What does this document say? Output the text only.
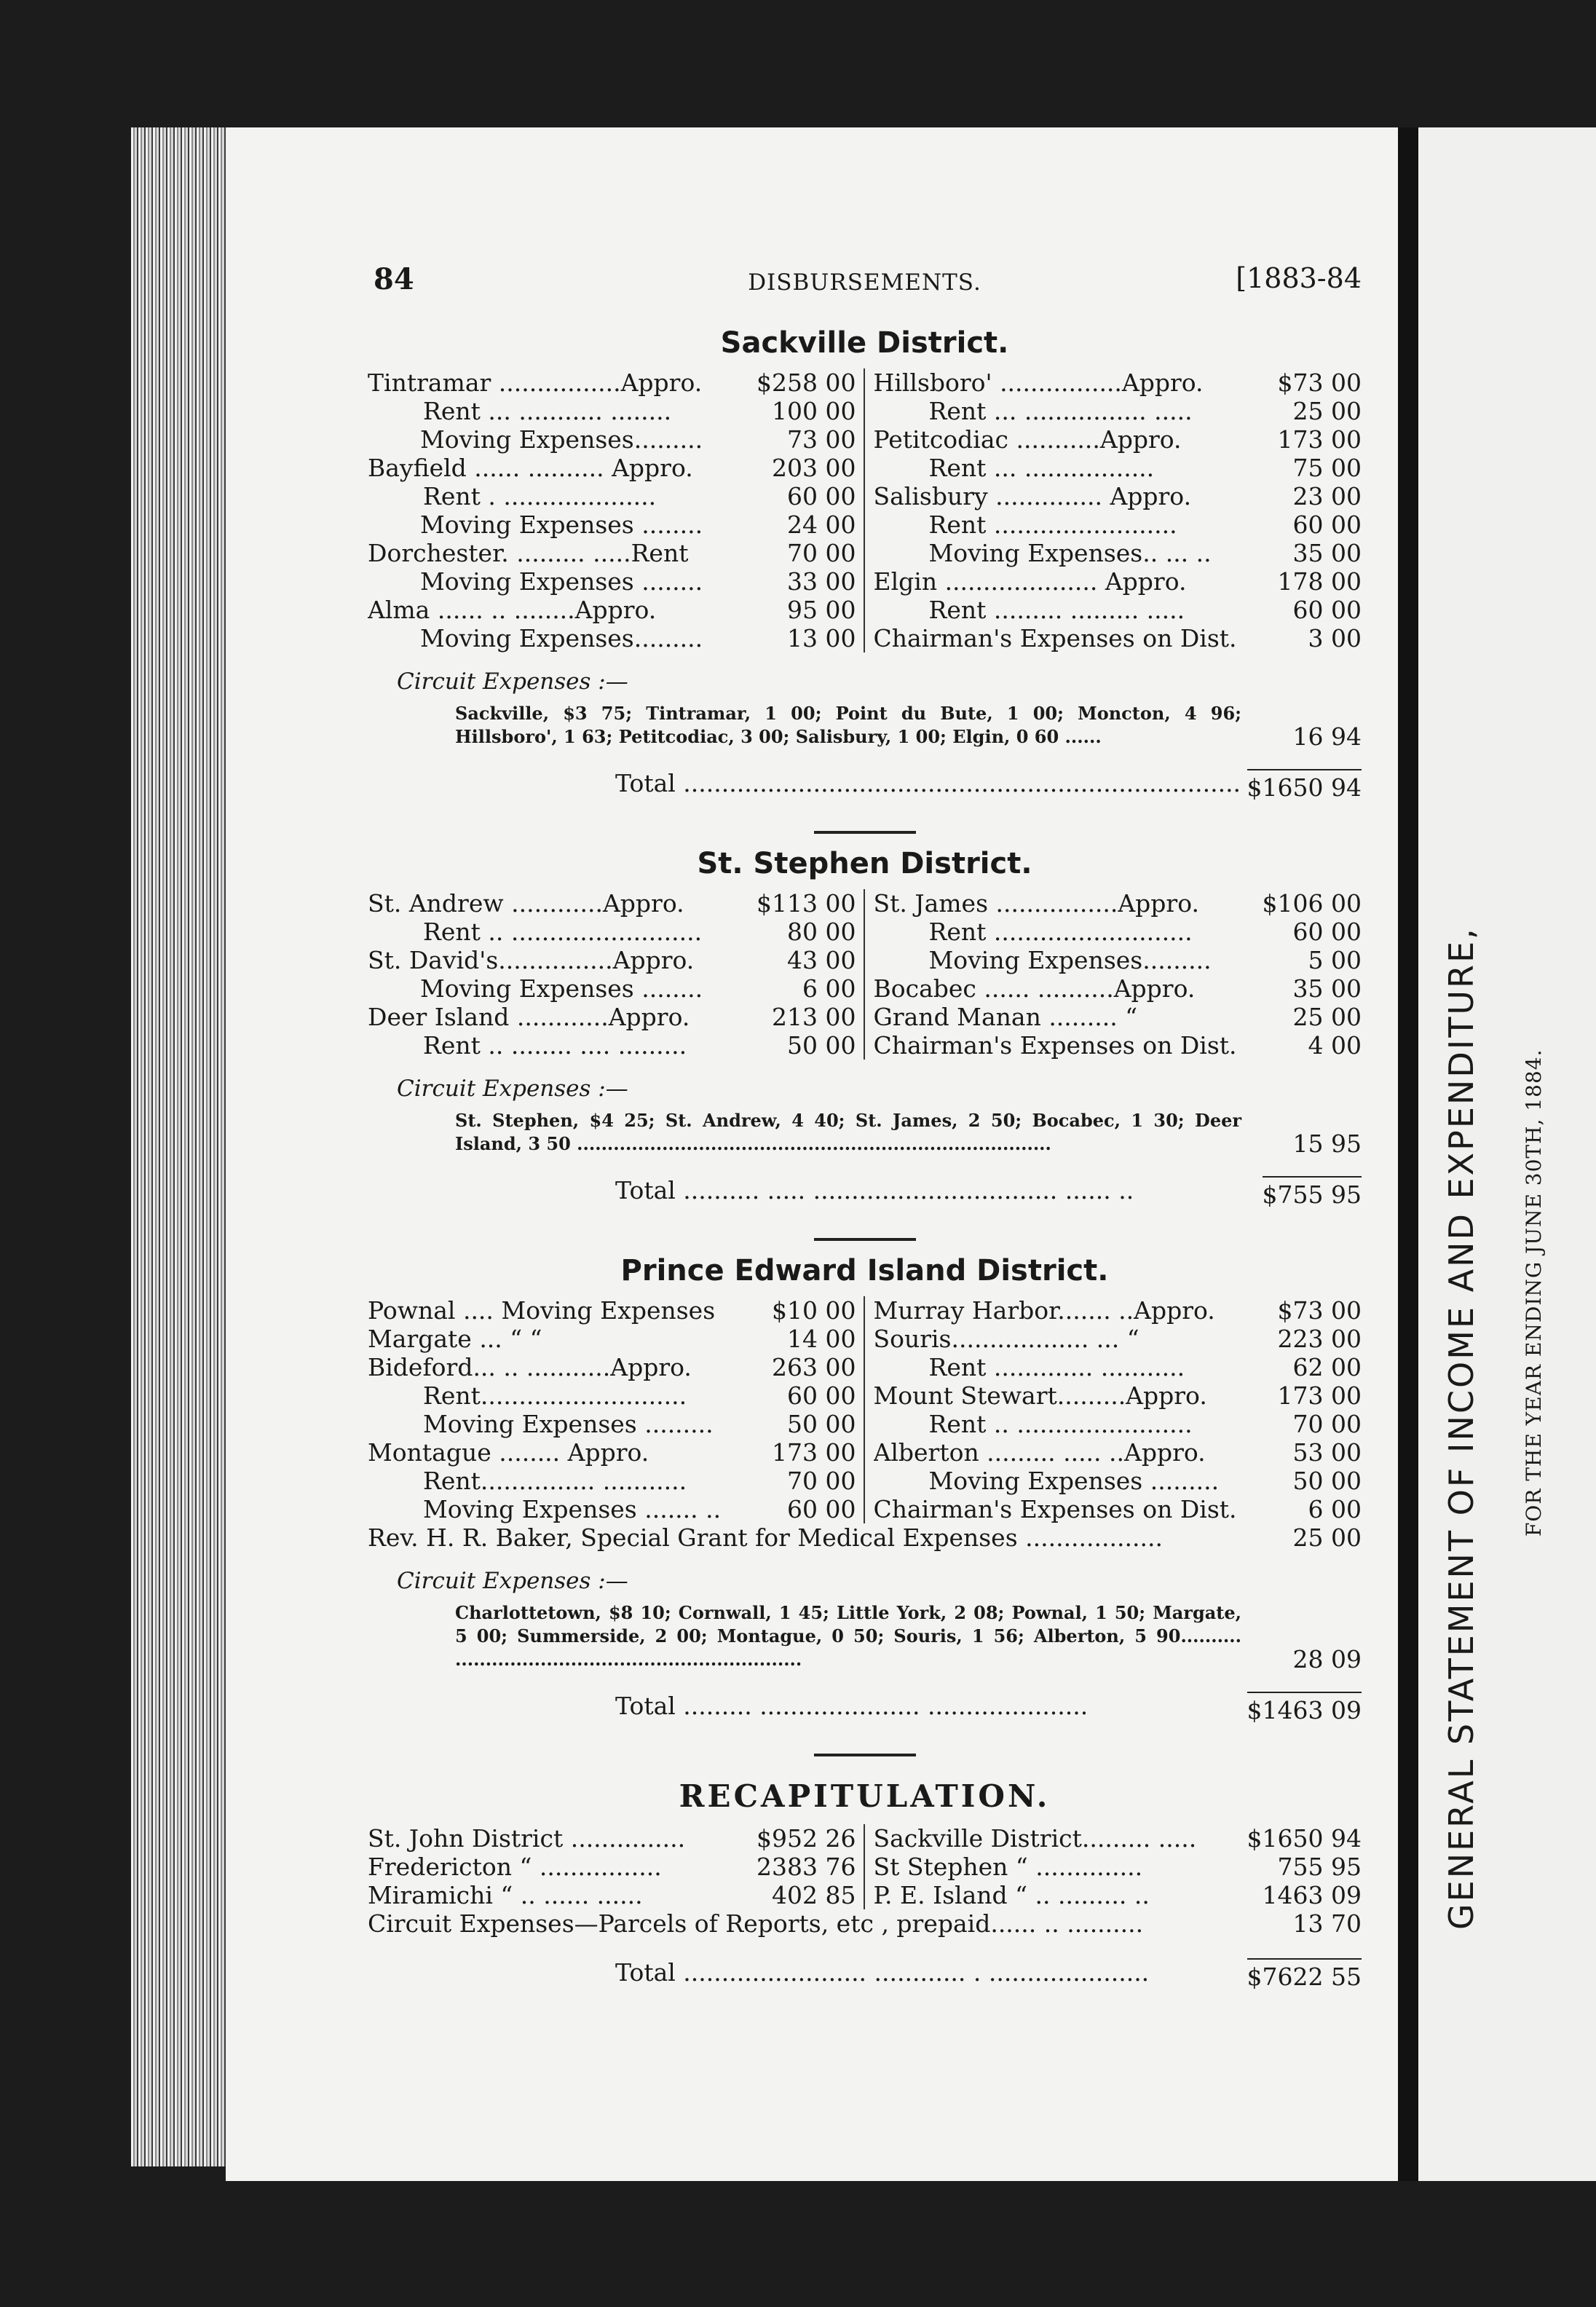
GENERAL STATEMENT OF INCOME AND EXPENDITURE, FOR THE YEAR ENDING JUNE 30TH, 1884.
84	DISBURSEMENTS.	[1883-84
Sackville District.
Tintramar ................Appro.	$258 00
Rent ... ........... ........	100 00
Moving Expenses.........	73 00
Bayfield ...... .......... Appro.	203 00
Rent . ....................	60 00
Moving Expenses ........	24 00
Dorchester. ......... .....Rent	70 00
Moving Expenses ........	33 00
Alma ...... .. ........Appro.	95 00
Moving Expenses.........	13 00
Hillsboro' ................Appro.	$73 00
Rent ... ................ .....	25 00
Petitcodiac ...........Appro.	173 00
Rent ... .................	75 00
Salisbury .............. Appro.	23 00
Rent ........................	60 00
Moving Expenses.. ... ..	35 00
Elgin .................... Appro.	178 00
Rent ......... ......... .....	60 00
Chairman's Expenses on Dist.	3 00
Circuit Expenses :—
Sackville, $3 75; Tintramar, 1 00; Point du Bute, 1 00; Moncton, 4 96; Hillsboro', 1 63; Petitcodiac, 3 00; Salisbury, 1 00; Elgin, 0 60 ......	16 94
Total ......................................................................... $1650 94
St. Stephen District.
St. Andrew ............Appro.	$113 00
Rent .. .........................	80 00
St. David's...............Appro.	43 00
Moving Expenses ........	6 00
Deer Island ............Appro.	213 00
Rent .. ........ .... .........	50 00
St. James ................Appro.	$106 00
Rent ..........................	60 00
Moving Expenses.........	5 00
Bocabec ...... ..........Appro.	35 00
Grand Manan ......... “	25 00
Chairman's Expenses on Dist.	4 00
Circuit Expenses :—
St. Stephen, $4 25; St. Andrew, 4 40; St. James, 2 50; Bocabec, 1 30; Deer Island, 3 50 ..............................................................................	15 95
Total .......... ..... ................................ ...... ..	$755 95
Prince Edward Island District.
Pownal .... Moving Expenses	$10 00
Margate ... “ “	14 00
Bideford... .. ...........Appro.	263 00
Rent...........................	60 00
Moving Expenses .........	50 00
Montague ........ Appro.	173 00
Rent............... ...........	70 00
Moving Expenses ....... ..	60 00
Murray Harbor....... ..Appro.	$73 00
Souris.................. ... “	223 00
Rent ............. ...........	62 00
Mount Stewart.........Appro.	173 00
Rent .. .......................	70 00
Alberton ......... ..... ..Appro.	53 00
Moving Expenses .........	50 00
Chairman's Expenses on Dist.	6 00
Rev. H. R. Baker, Special Grant for Medical Expenses ..................	25 00
Circuit Expenses :—
Charlottetown, $8 10; Cornwall, 1 45; Little York, 2 08; Pownal, 1 50; Margate, 5 00; Summerside, 2 00; Montague, 0 50; Souris, 1 56; Alberton, 5 90.......... .........................................................	28 09
Total ......... ..................... .....................	$1463 09
RECAPITULATION.
St. John District ...............	$952 26
Fredericton “ ................	2383 76
Miramichi “ .. ...... ......	402 85
Sackville District......... .....	$1650 94
St Stephen “ ..............	755 95
P. E. Island “ .. ......... ..	1463 09
Circuit Expenses—Parcels of Reports, etc , prepaid...... .. ..........	13 70
Total ........................ ............ . .....................	$7622 55
